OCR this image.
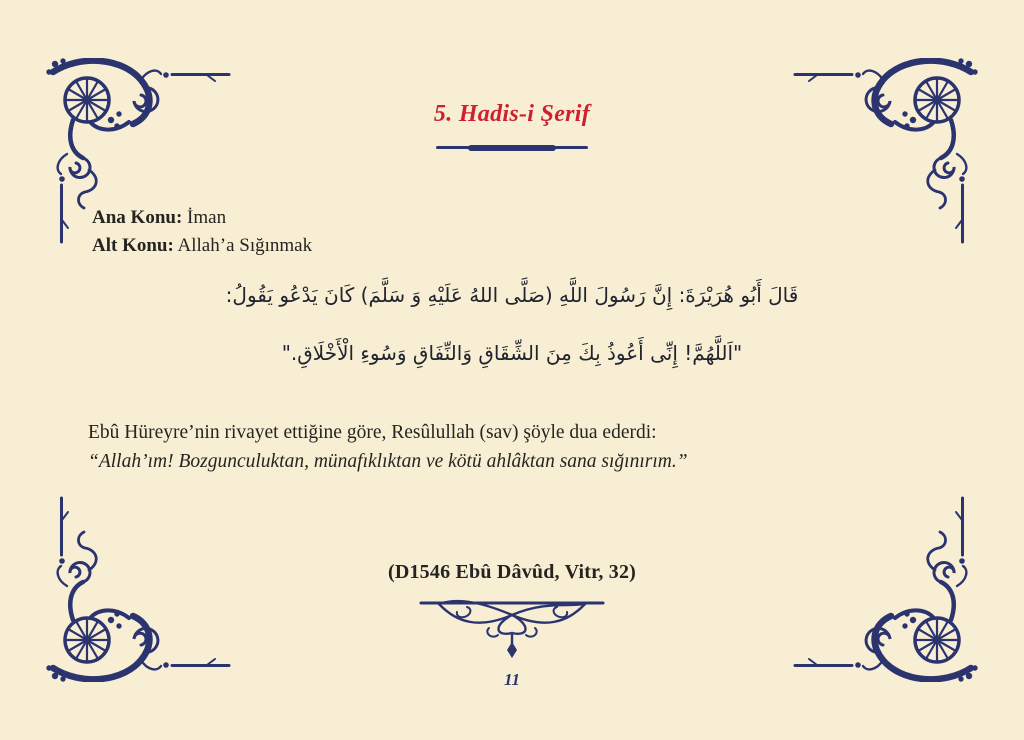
5. Hadis-i Şerif
Ana Konu: İman
Alt Konu: Allah’a Sığınmak
قَالَ أَبُو هُرَيْرَةَ: إِنَّ رَسُولَ اللَّهِ (صَلَّى اللهُ عَلَيْهِ وَ سَلَّمَ) كَانَ يَدْعُو يَقُولُ:
"اَللَّهُمَّ! إِنِّى أَعُوذُ بِكَ مِنَ الشِّقَاقِ وَالنِّفَاقِ وَسُوءِ الْأَخْلَاقِ."
Ebû Hüreyre’nin rivayet ettiğine göre, Resûlullah (sav) şöyle dua ederdi:
“Allah’ım! Bozgunculuktan, münafıklıktan ve kötü ahlâktan sana sığınırım.”
(D1546 Ebû Dâvûd, Vitr, 32)
11
